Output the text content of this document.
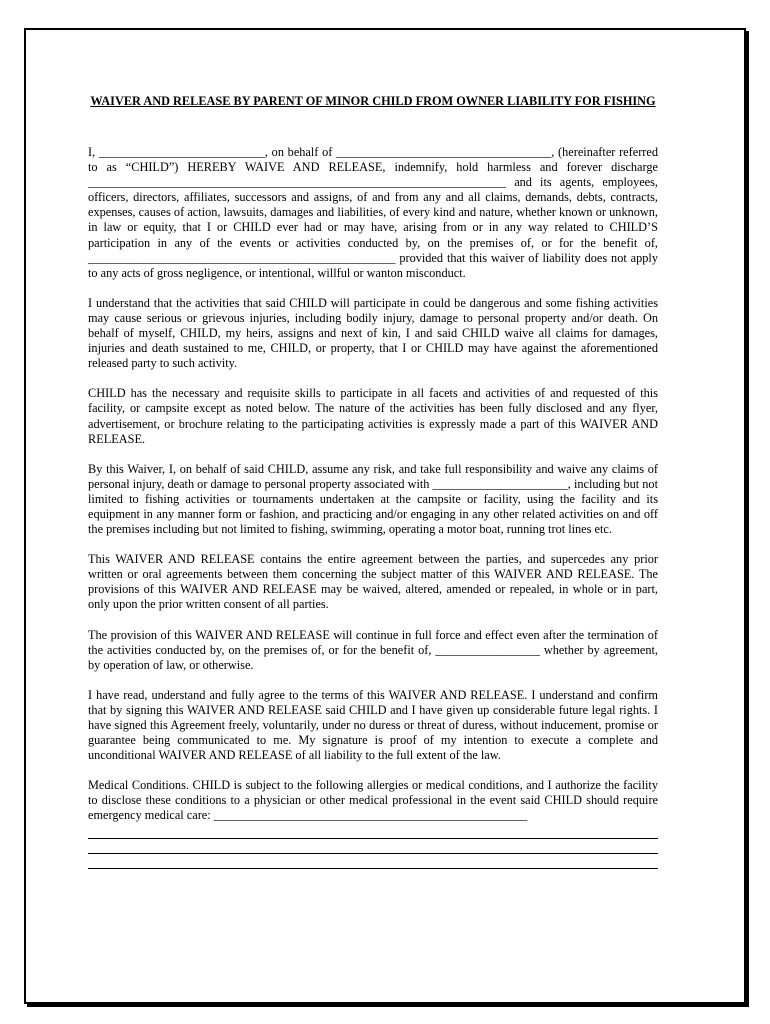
WAIVER AND RELEASE BY PARENT OF MINOR CHILD FROM OWNER LIABILITY FOR FISHING

I, ___________________________, on behalf of ___________________________________, (hereinafter referred to as “CHILD”) HEREBY WAIVE AND RELEASE, indemnify, hold harmless and forever discharge ____________________________________________________________________ and its agents, employees, officers, directors, affiliates, successors and assigns, of and from any and all claims, demands, debts, contracts, expenses, causes of action, lawsuits, damages and liabilities, of every kind and nature, whether known or unknown, in law or equity, that I or CHILD ever had or may have, arising from or in any way related to CHILD’S participation in any of the events or activities conducted by, on the premises of, or for the benefit of, __________________________________________________ provided that this waiver of liability does not apply to any acts of gross negligence, or intentional, willful or wanton misconduct.

I understand that the activities that said CHILD will participate in could be dangerous and some fishing activities may cause serious or grievous injuries, including bodily injury, damage to personal property and/or death. On behalf of myself, CHILD, my heirs, assigns and next of kin, I and said CHILD waive all claims for damages, injuries and death sustained to me, CHILD, or property, that I or CHILD may have against the aforementioned released party to such activity.

CHILD has the necessary and requisite skills to participate in all facets and activities of and requested of this facility, or campsite except as noted below. The nature of the activities has been fully disclosed and any flyer, advertisement, or brochure relating to the participating activities is expressly made a part of this WAIVER AND RELEASE.

By this Waiver, I, on behalf of said CHILD, assume any risk, and take full responsibility and waive any claims of personal injury, death or damage to personal property associated with ______________________, including but not limited to fishing activities or tournaments undertaken at the campsite or facility, using the facility and its equipment in any manner form or fashion, and practicing and/or engaging in any other related activities on and off the premises including but not limited to fishing, swimming, operating a motor boat, running trot lines etc.

This WAIVER AND RELEASE contains the entire agreement between the parties, and supercedes any prior written or oral agreements between them concerning the subject matter of this WAIVER AND RELEASE. The provisions of this WAIVER AND RELEASE may be waived, altered, amended or repealed, in whole or in part, only upon the prior written consent of all parties.

The provision of this WAIVER AND RELEASE will continue in full force and effect even after the termination of the activities conducted by, on the premises of, or for the benefit of, _________________ whether by agreement, by operation of law, or otherwise.

I have read, understand and fully agree to the terms of this WAIVER AND RELEASE. I understand and confirm that by signing this WAIVER AND RELEASE said CHILD and I have given up considerable future legal rights. I have signed this Agreement freely, voluntarily, under no duress or threat of duress, without inducement, promise or guarantee being communicated to me. My signature is proof of my intention to execute a complete and unconditional WAIVER AND RELEASE of all liability to the full extent of the law.

Medical Conditions. CHILD is subject to the following allergies or medical conditions, and I authorize the facility to disclose these conditions to a physician or other medical professional in the event said CHILD should require emergency medical care: ___________________________________________________
